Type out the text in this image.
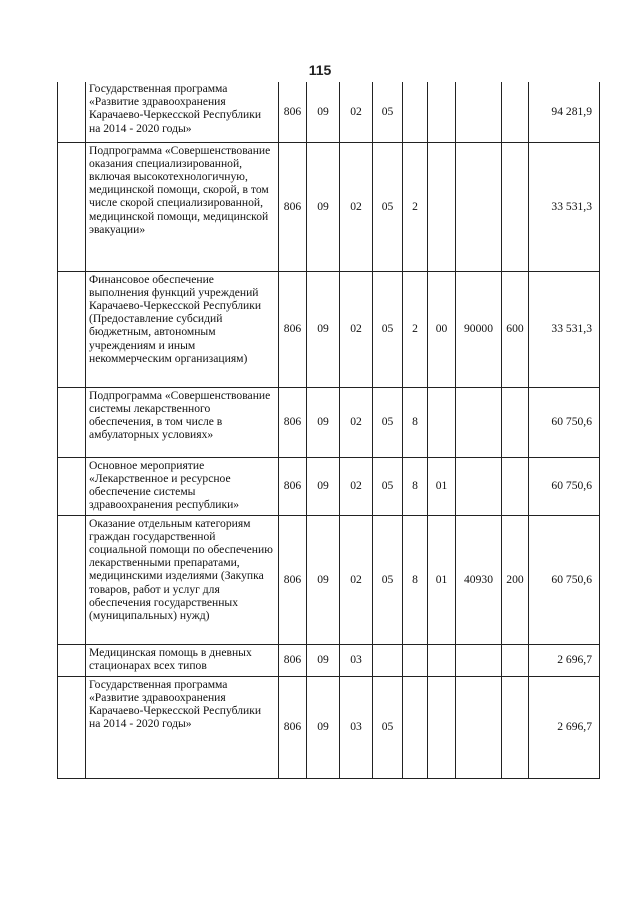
115
	Государственная программа «Развитие здравоохранения Карачаево-Черкесской Республики на 2014 - 2020 годы»	806	09	02	05					94 281,9
	Подпрограмма «Совершенствование оказания специализированной, включая высокотехнологичную, медицинской помощи, скорой, в том числе скорой специализированной, медицинской помощи, медицинской эвакуации»	806	09	02	05	2				33 531,3
	Финансовое обеспечение выполнения функций учреждений Карачаево-Черкесской Республики (Предоставление субсидий бюджетным, автономным учреждениям и иным некоммерческим организациям)	806	09	02	05	2	00	90000	600	33 531,3
	Подпрограмма «Совершенствование системы лекарственного обеспечения, в том числе в амбулаторных условиях»	806	09	02	05	8				60 750,6
	Основное мероприятие «Лекарственное и ресурсное обеспечение системы здравоохранения республики»	806	09	02	05	8	01			60 750,6
	Оказание отдельным категориям граждан государственной социальной помощи по обеспечению лекарственными препаратами, медицинскими изделиями (Закупка товаров, работ и услуг для обеспечения государственных (муниципальных) нужд)	806	09	02	05	8	01	40930	200	60 750,6
	Медицинская помощь в дневных стационарах всех типов	806	09	03						2 696,7
	Государственная программа «Развитие здравоохранения Карачаево-Черкесской Республики на 2014 - 2020 годы»	806	09	03	05					2 696,7
